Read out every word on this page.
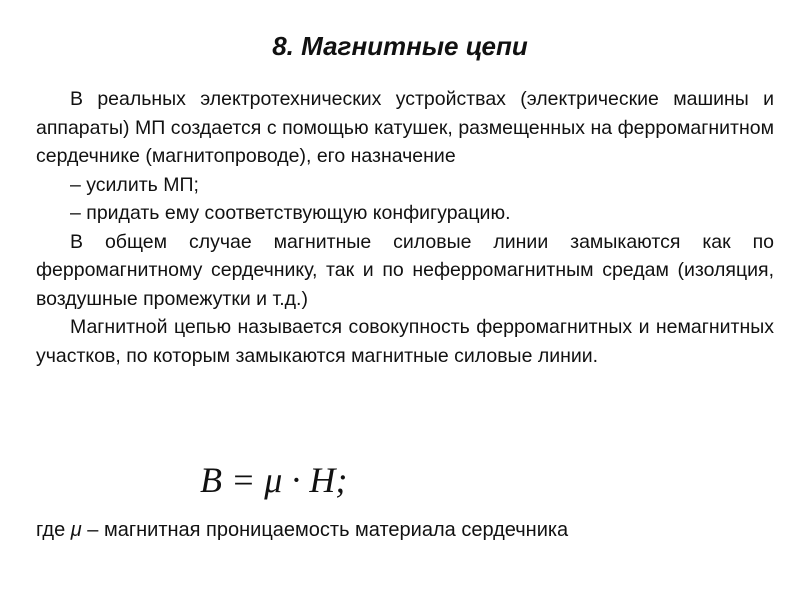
8. Магнитные цепи

В реальных электротехнических устройствах (электрические машины и аппараты) МП создается с помощью катушек, размещенных на ферромагнитном сердечнике (магнитопроводе), его назначение

– усилить МП;

– придать ему соответствующую конфигурацию.

В общем случае магнитные силовые линии замыкаются как по ферромагнитному сердечнику, так и по неферромагнитным средам (изоляция, воздушные промежутки и т.д.)

Магнитной цепью называется совокупность ферромагнитных и немагнитных участков, по которым замыкаются магнитные силовые линии.

B = μ · H;
где μ – магнитная проницаемость материала сердечника
